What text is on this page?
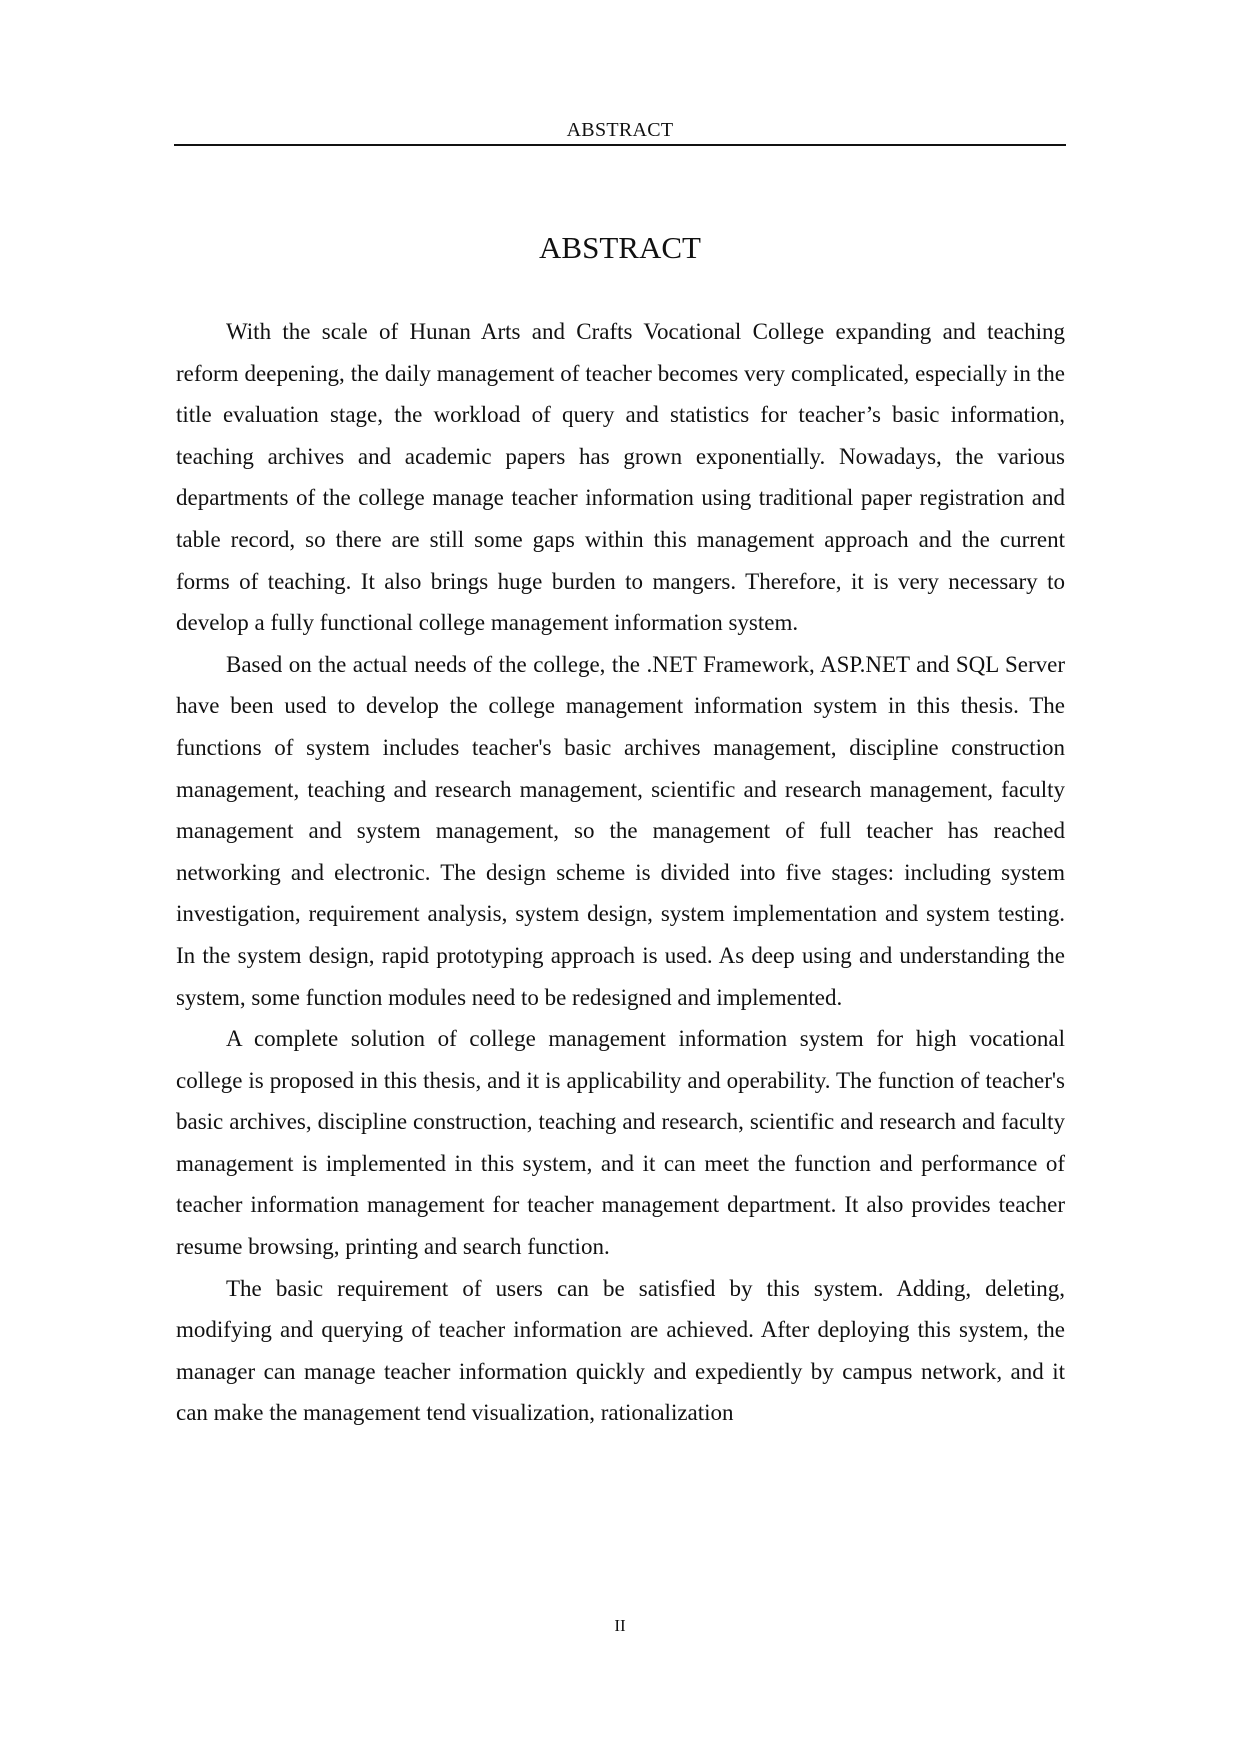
ABSTRACT
ABSTRACT

With the scale of Hunan Arts and Crafts Vocational College expanding and teaching reform deepening, the daily management of teacher becomes very complicated, especially in the title evaluation stage, the workload of query and statistics for teacher’s basic information, teaching archives and academic papers has grown exponentially. Nowadays, the various departments of the college manage teacher information using traditional paper registration and table record, so there are still some gaps within this management approach and the current forms of teaching. It also brings huge burden to mangers. Therefore, it is very necessary to develop a fully functional college management information system.

Based on the actual needs of the college, the .NET Framework, ASP.NET and SQL Server have been used to develop the college management information system in this thesis. The functions of system includes teacher's basic archives management, discipline construction management, teaching and research management, scientific and research management, faculty management and system management, so the management of full teacher has reached networking and electronic. The design scheme is divided into five stages: including system investigation, requirement analysis, system design, system implementation and system testing. In the system design, rapid prototyping approach is used. As deep using and understanding the system, some function modules need to be redesigned and implemented.

A complete solution of college management information system for high vocational college is proposed in this thesis, and it is applicability and operability. The function of teacher's basic archives, discipline construction, teaching and research, scientific and research and faculty management is implemented in this system, and it can meet the function and performance of teacher information management for teacher management department. It also provides teacher resume browsing, printing and search function.

The basic requirement of users can be satisfied by this system. Adding, deleting, modifying and querying of teacher information are achieved. After deploying this system, the manager can manage teacher information quickly and expediently by campus network, and it can make the management tend visualization, rationalization

II
